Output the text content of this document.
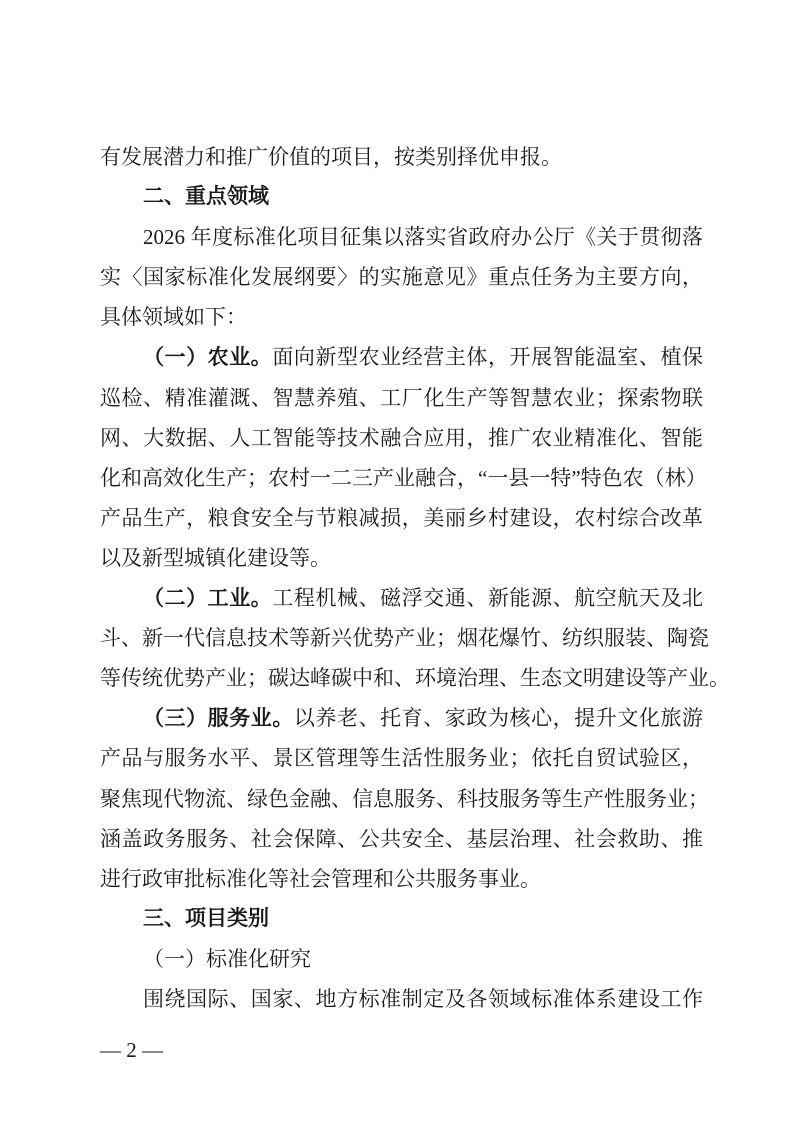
有发展潜力和推广价值的项目，按类别择优申报。
二、重点领域
2026 年度标准化项目征集以落实省政府办公厅《关于贯彻落
实〈国家标准化发展纲要〉的实施意见》重点任务为主要方向，
具体领域如下：
（一）农业。面向新型农业经营主体，开展智能温室、植保
巡检、精准灌溉、智慧养殖、工厂化生产等智慧农业；探索物联
网、大数据、人工智能等技术融合应用，推广农业精准化、智能
化和高效化生产；农村一二三产业融合，“一县一特”特色农（林）
产品生产，粮食安全与节粮减损，美丽乡村建设，农村综合改革
以及新型城镇化建设等。
（二）工业。工程机械、磁浮交通、新能源、航空航天及北
斗、新一代信息技术等新兴优势产业；烟花爆竹、纺织服装、陶瓷
等传统优势产业；碳达峰碳中和、环境治理、生态文明建设等产业。
（三）服务业。以养老、托育、家政为核心，提升文化旅游
产品与服务水平、景区管理等生活性服务业；依托自贸试验区，
聚焦现代物流、绿色金融、信息服务、科技服务等生产性服务业；
涵盖政务服务、社会保障、公共安全、基层治理、社会救助、推
进行政审批标准化等社会管理和公共服务事业。
三、项目类别
（一）标准化研究
围绕国际、国家、地方标准制定及各领域标准体系建设工作
— 2 —
